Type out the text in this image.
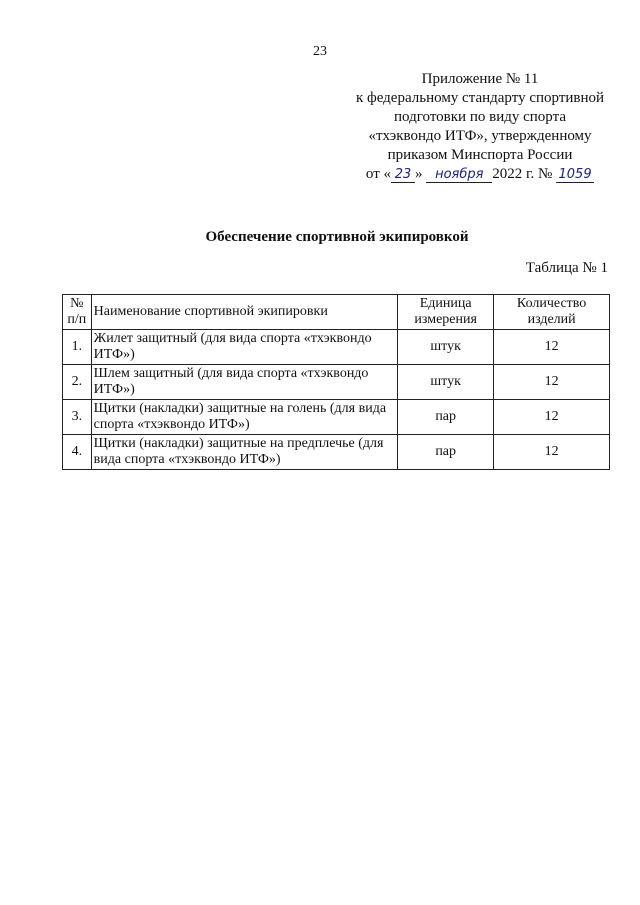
23
Приложение № 11
к федеральному стандарту спортивной
подготовки по виду спорта
«тхэквондо ИТФ», утвержденному
приказом Минспорта России
от « 23 » ноября 2022 г. № 1059
Обеспечение спортивной экипировкой
Таблица № 1
№ п/п	Наименование спортивной экипировки	Единица измерения	Количество изделий
1.	Жилет защитный (для вида спорта «тхэквондо ИТФ»)	штук	12
2.	Шлем защитный (для вида спорта «тхэквондо ИТФ»)	штук	12
3.	Щитки (накладки) защитные на голень (для вида спорта «тхэквондо ИТФ»)	пар	12
4.	Щитки (накладки) защитные на предплечье (для вида спорта «тхэквондо ИТФ»)	пар	12
